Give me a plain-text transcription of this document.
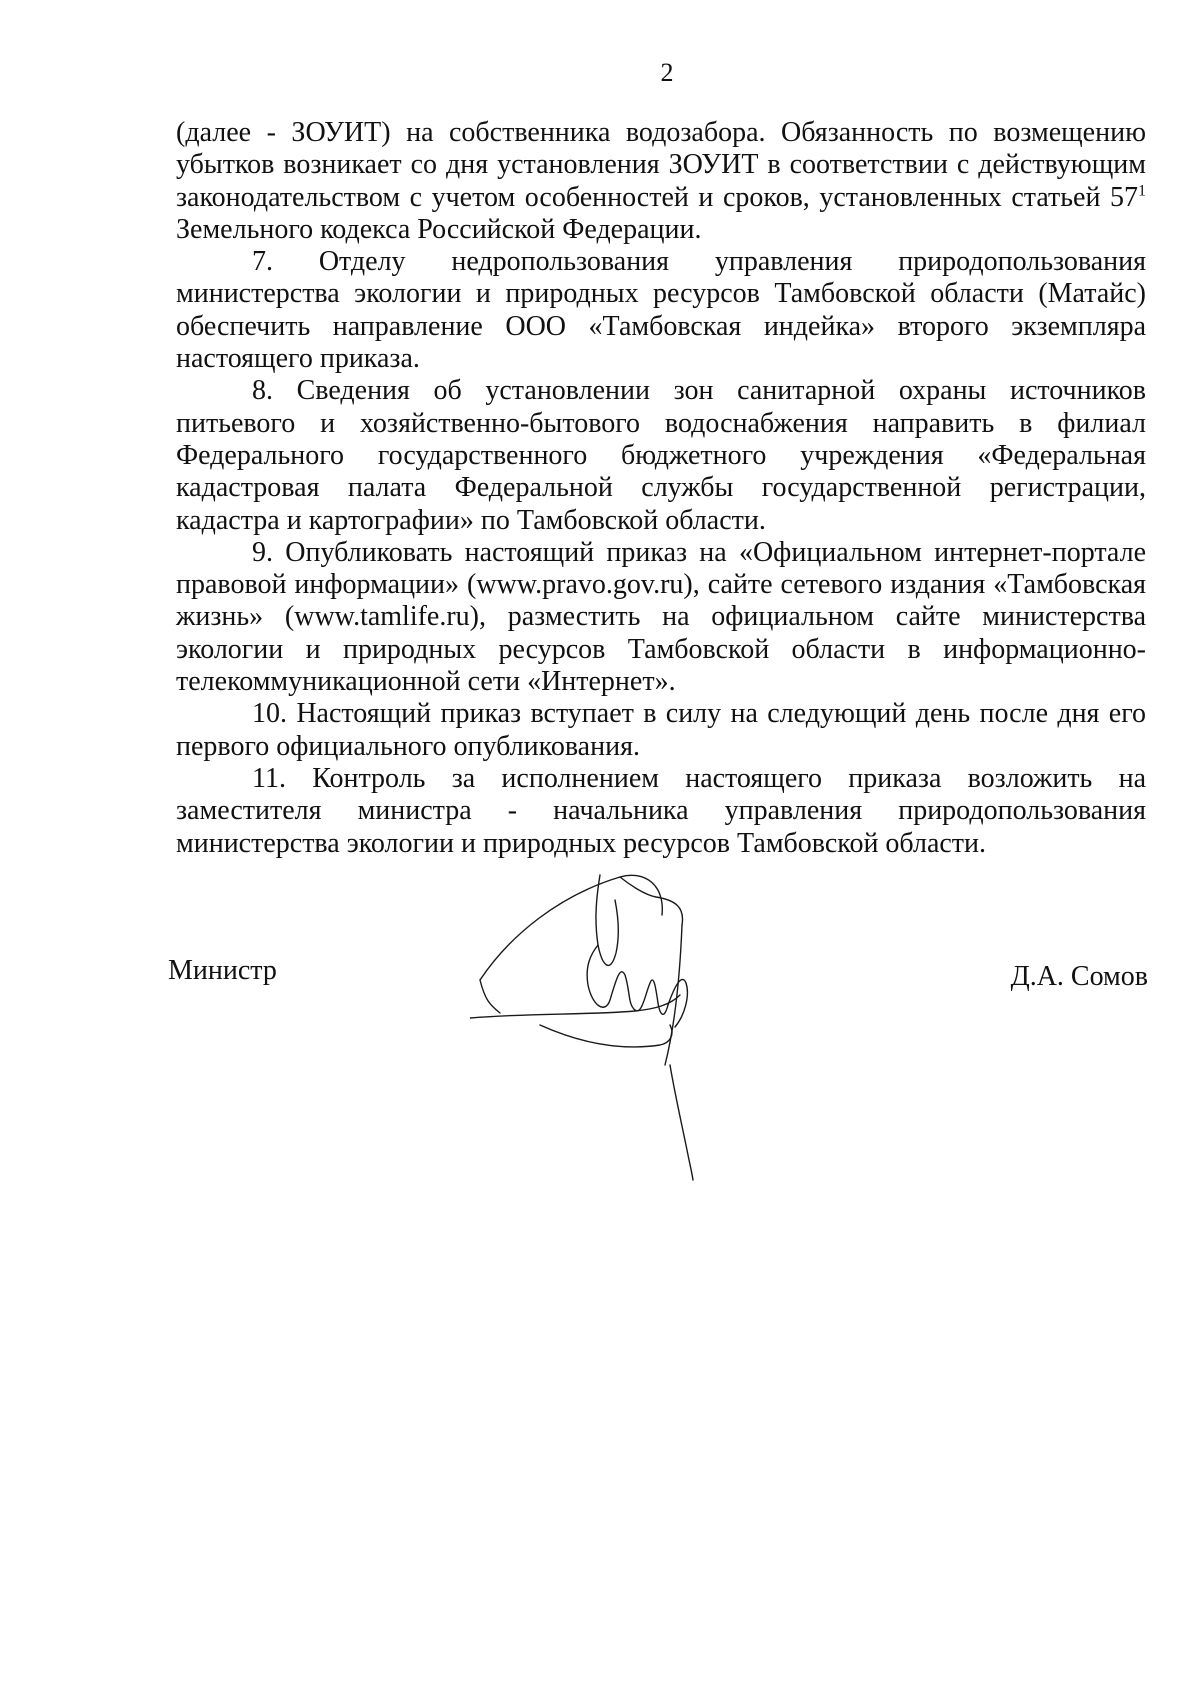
2

(далее - ЗОУИТ) на собственника водозабора. Обязанность по возмещению убытков возникает со дня установления ЗОУИТ в соответствии с действующим законодательством с учетом особенностей и сроков, установленных статьей $57^1$ Земельного кодекса Российской Федерации.

7. Отделу недропользования управления природопользования министерства экологии и природных ресурсов Тамбовской области (Матайс) обеспечить направление ООО «Тамбовская индейка» второго экземпляра настоящего приказа.

8. Сведения об установлении зон санитарной охраны источников питьевого и хозяйственно-бытового водоснабжения направить в филиал Федерального государственного бюджетного учреждения «Федеральная кадастровая палата Федеральной службы государственной регистрации, кадастра и картографии» по Тамбовской области.

9. Опубликовать настоящий приказ на «Официальном интернет-портале правовой информации» (www.pravo.gov.ru), сайте сетевого издания «Тамбовская жизнь» (www.tamlife.ru), разместить на официальном сайте министерства экологии и природных ресурсов Тамбовской области в информационно-телекоммуникационной сети «Интернет».

10. Настоящий приказ вступает в силу на следующий день после дня его первого официального опубликования.

11. Контроль за исполнением настоящего приказа возложить на заместителя министра - начальника управления природопользования министерства экологии и природных ресурсов Тамбовской области.

Министр	Д.А. Сомов
